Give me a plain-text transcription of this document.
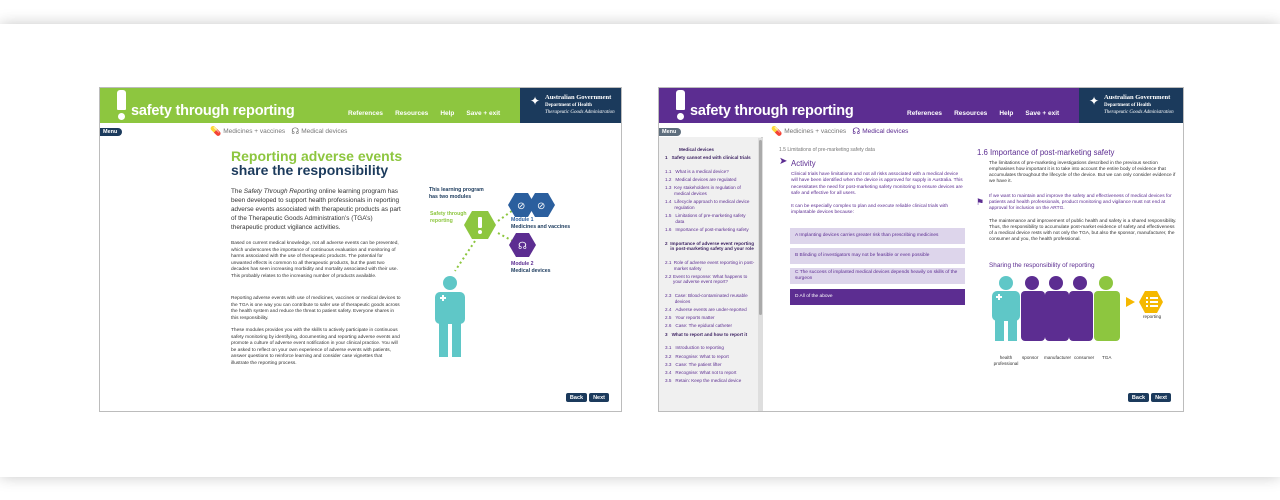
safety through reporting	References Resources Help Save + exit
✦ Australian Government
Department of Health
Therapeutic Goods Administration
Menu	💊 Medicines + vaccines ☊ Medical devices
Reporting adverse events
share the responsibility
The Safety Through Reporting online learning program has been developed to support health professionals in reporting adverse events associated with therapeutic products as part of the Therapeutic Goods Administration’s (TGA’s) therapeutic product vigilance activities.
Based on current medical knowledge, not all adverse events can be prevented, which underscores the importance of continuous evaluation and monitoring of harms associated with the use of therapeutic products. The potential for unwanted effects is common to all therapeutic products, but the past two decades has seen increasing morbidity and mortality associated with their use. This probably relates to the increasing number of products available.
Reporting adverse events with use of medicines, vaccines or medical devices to the TGA is one way you can contribute to safer use of therapeutic goods across the health system and reduce the threat to patient safety. Everyone shares in this responsibility.
These modules provides you with the skills to actively participate in continuous safety monitoring by identifying, documenting and reporting adverse events and promote a culture of adverse event notification in your clinical practice. You will be asked to reflect on your own experience of adverse events with patients, answer questions to reinforce learning and consider case vignettes that illustrate the reporting process.
This learning program has two modules
⊘ ⊘
☊
Safety through reporting	Module 1
Medicines and vaccines
Module 2
Medical devices
Back	Next
safety through reporting	References Resources Help Save + exit
✦ Australian Government
Department of Health
Therapeutic Goods Administration
Menu	💊 Medicines + vaccines ☊ Medical devices
Medical devices
1 Safety cannot end with clinical trials
1.1 What is a medical device?
1.2 Medical devices are regulated
1.3 Key stakeholders in regulation of medical devices
1.4 Lifecycle approach to medical device regulation
1.5 Limitations of pre-marketing safety data
1.6 Importance of post-marketing safety
2 Importance of adverse event reporting in post-marketing safety and your role
2.1 Role of adverse event reporting in post-market safety
2.2 Event to response: What happens to your adverse event report?
2.3 Case: Blood-contaminated reusable devices
2.4 Adverse events are under-reported
2.5 Your reports matter
2.6 Case: The epidural catheter
3 What to report and how to report it
3.1 Introduction to reporting
3.2 Recognise: What to report
3.3 Case: The patient lifter
3.4 Recognise: What not to report
3.5 Retain: Keep the medical device
1.5 Limitations of pre-marketing safety data
➤ Activity
Clinical trials have limitations and not all risks associated with a medical device will have been identified when the device is approved for supply in Australia. This necessitates the need for post-marketing safety monitoring to ensure devices are safe and effective for all users.
It can be especially complex to plan and execute reliable clinical trials with implantable devices because:
A Implanting devices carries greater risk than prescribing medicines
B Blinding of investigators may not be feasible or even possible
C The success of implanted medical devices depends heavily on skills of the surgeon
D All of the above
1.6 Importance of post-marketing safety
The limitations of pre-marketing investigations described in the previous section emphasises how important it is to take into account the entire body of evidence that accumulates throughout the lifecycle of the device. But we can only consider evidence if we have it.
⚑
If we want to maintain and improve the safety and effectiveness of medical devices for patients and health professionals, product monitoring and vigilance must not end at approval for inclusion on the ARTG.
The maintenance and improvement of public health and safety is a shared responsibility. Thus, the responsibility to accumulate post-market evidence of safety and effectiveness of a medical device rests with not only the TGA, but also the sponsor, manufacturer, the consumer and you, the health professional.
Sharing the responsibility of reporting
health professional
sponsor manufacturer consumer TGA
reporting
Back	Next
